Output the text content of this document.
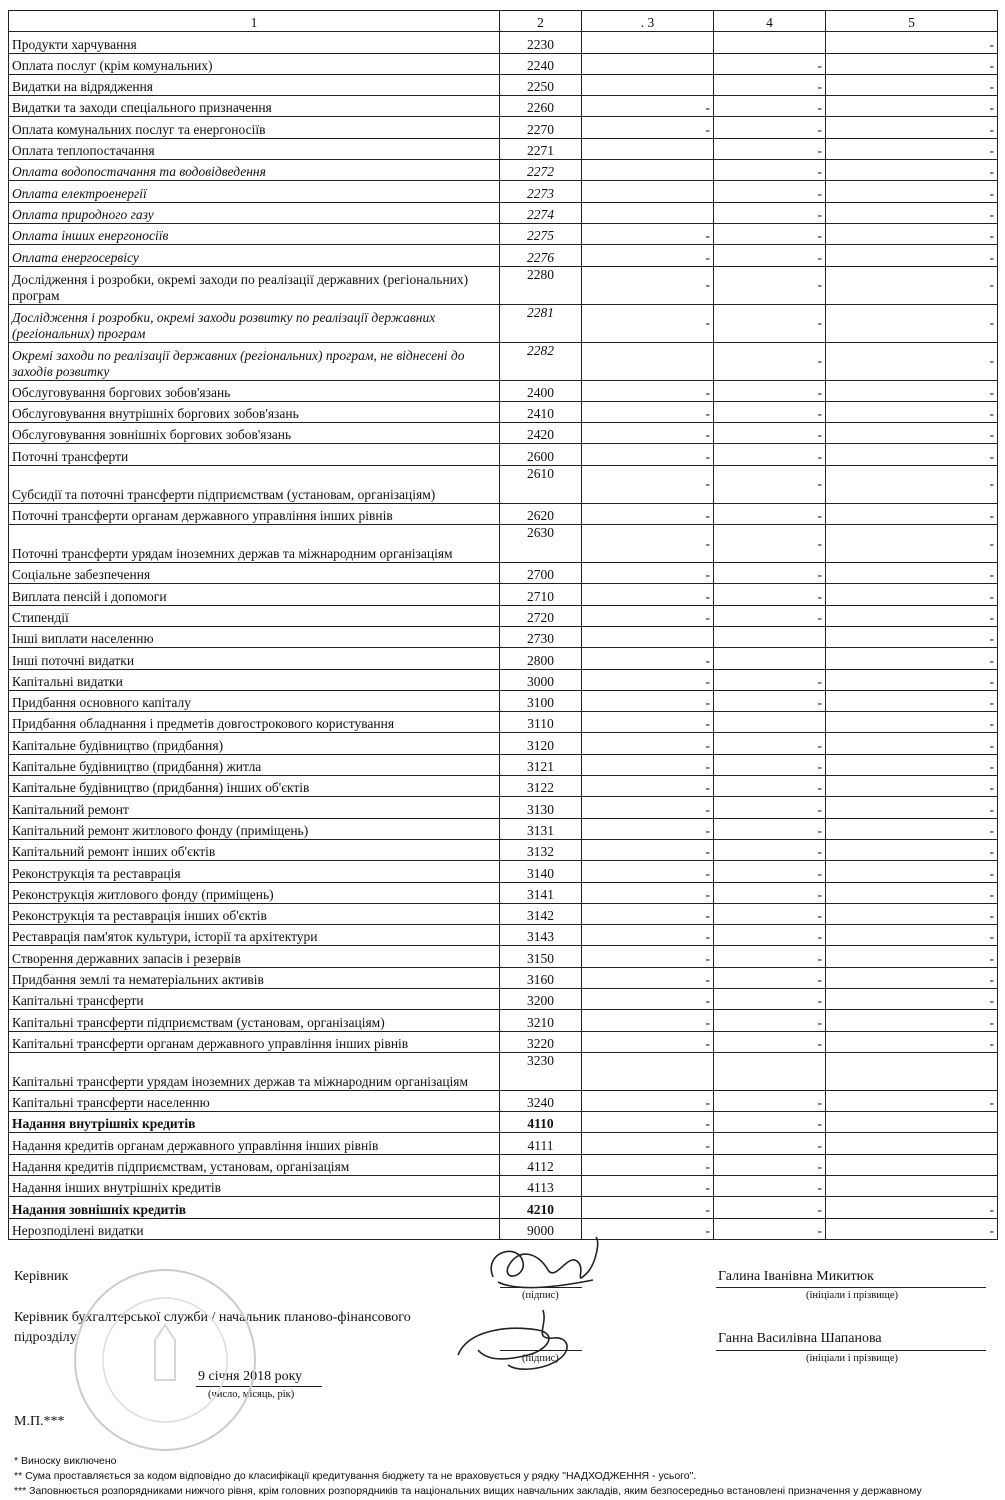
1	2	. 3	4	5
Продукти харчування	2230			-
Оплата послуг (крім комунальних)	2240		-	-
Видатки на відрядження	2250		-	-
Видатки та заходи спеціального призначення	2260	-	-	-
Оплата комунальних послуг та енергоносіїв	2270	-	-	-
Оплата теплопостачання	2271		-	-
Оплата водопостачання та водовідведення	2272		-	-
Оплата електроенергії	2273		-	-
Оплата природного газу	2274		-	-
Оплата інших енергоносіїв	2275	-	-	-
Оплата енергосервісу	2276	-	-	-
Дослідження і розробки, окремі заходи по реалізації державних (регіональних) програм	2280	-	-	-
Дослідження і розробки, окремі заходи розвитку по реалізації державних (регіональних) програм	2281	-	-	-
Окремі заходи по реалізації державних (регіональних) програм, не віднесені до заходів розвитку	2282		-	-
Обслуговування боргових зобов'язань	2400	-	-	-
Обслуговування внутрішніх боргових зобов'язань	2410	-	-	-
Обслуговування зовнішніх боргових зобов'язань	2420	-	-	-
Поточні трансферти	2600	-	-	-
Субсидії та поточні трансферти підприємствам (установам, організаціям)	2610	-	-	-
Поточні трансферти органам державного управління інших рівнів	2620	-	-	-
Поточні трансферти урядам іноземних держав та міжнародним організаціям	2630	-	-	-
Соціальне забезпечення	2700	-	-	-
Виплата пенсій і допомоги	2710	-	-	-
Стипендії	2720	-	-	-
Інші виплати населенню	2730			-
Інші поточні видатки	2800	-		-
Капітальні видатки	3000	-	-	-
Придбання основного капіталу	3100	-	-	-
Придбання обладнання і предметів довгострокового користування	3110	-		-
Капітальне будівництво (придбання)	3120	-	-	-
Капітальне будівництво (придбання) житла	3121	-	-	-
Капітальне будівництво (придбання) інших об'єктів	3122	-	-	-
Капітальний ремонт	3130	-	-	-
Капітальний ремонт житлового фонду (приміщень)	3131	-	-	-
Капітальний ремонт інших об'єктів	3132	-	-	-
Реконструкція та реставрація	3140	-	-	-
Реконструкція житлового фонду (приміщень)	3141	-	-	-
Реконструкція та реставрація інших об'єктів	3142	-	-	-
Реставрація пам'яток культури, історії та архітектури	3143	-	-	-
Створення державних запасів і резервів	3150	-	-	-
Придбання землі та нематеріальних активів	3160	-	-	-
Капітальні трансферти	3200	-	-	-
Капітальні трансферти підприємствам (установам, організаціям)	3210	-	-	-
Капітальні трансферти органам державного управління інших рівнів	3220	-	-	-
Капітальні трансферти урядам іноземних держав та міжнародним організаціям	3230			
Капітальні трансферти населенню	3240	-	-	-
Надання внутрішніх кредитів	4110	-	-	
Надання кредитів органам державного управління інших рівнів	4111	-	-	
Надання кредитів підприємствам, установам, організаціям	4112	-	-	
Надання інших внутрішніх кредитів	4113	-	-	
Надання зовнішніх кредитів	4210	-	-	-
Нерозподілені видатки	9000	-	-	-
Керівник
(підпис)
Галина Іванівна Микитюк
(ініціали і прізвище)
Керівник бухгалтерської служби / начальник планово-фінансового
підрозділу
(підпис)
Ганна Василівна Шапанова
(ініціали і прізвище)
9 січня 2018 року
(число, місяць, рік)
М.П.***
* Виноску виключено
** Сума проставляється за кодом відповідно до класифікації кредитування бюджету та не враховується у рядку "НАДХОДЖЕННЯ - усього".
*** Заповнюється розпорядниками нижчого рівня, крім головних розпорядників та національних вищих навчальних закладів, яким безпосередньо встановлені призначення у державному
